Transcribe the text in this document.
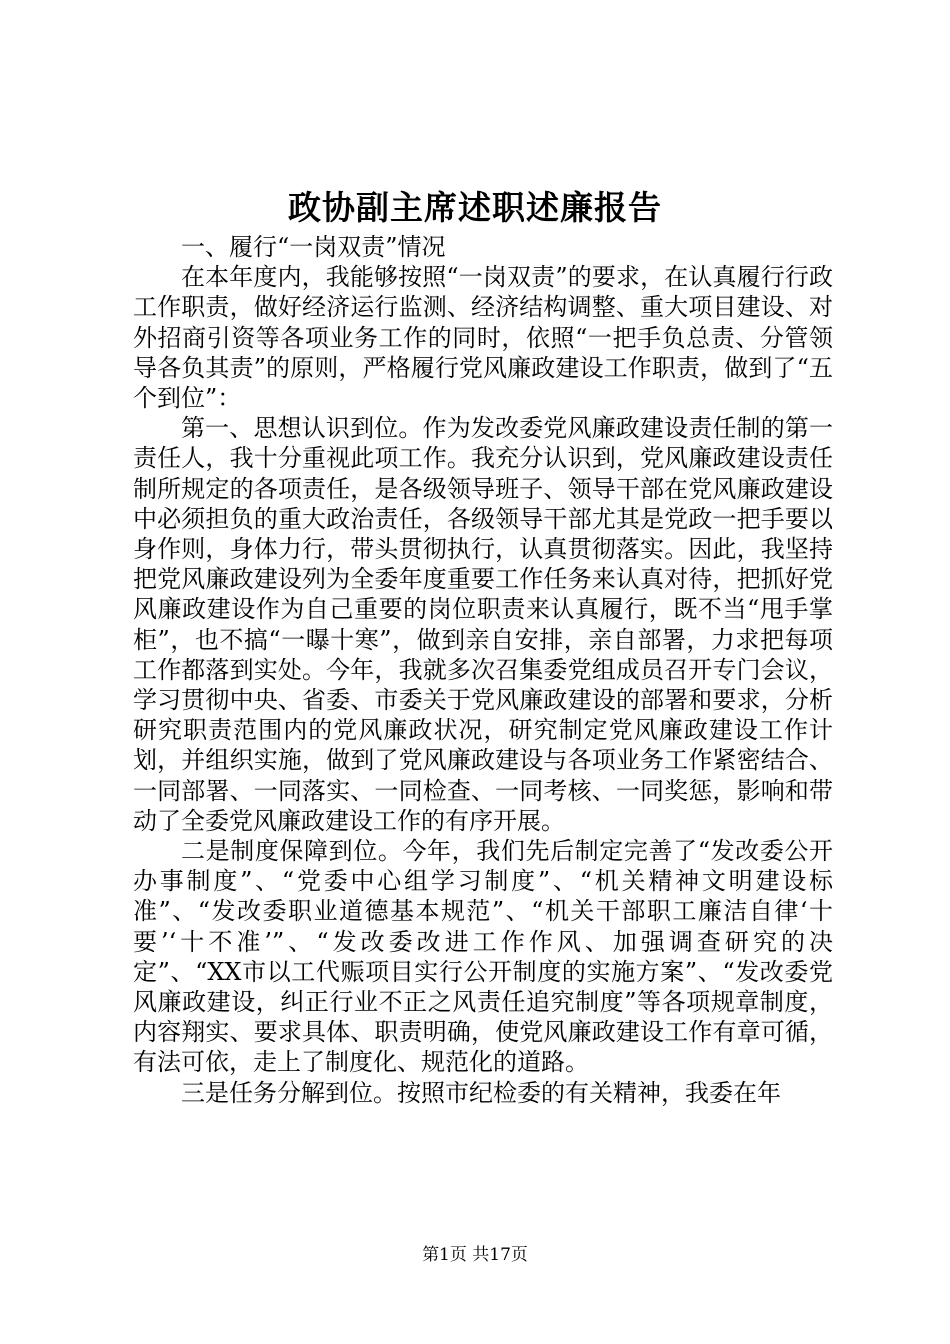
政协副主席述职述廉报告

一、履行“一岗双责”情况

在本年度内，我能够按照“一岗双责”的要求，在认真履行行政工作职责，做好经济运行监测、经济结构调整、重大项目建设、对外招商引资等各项业务工作的同时，依照“一把手负总责、分管领导各负其责”的原则，严格履行党风廉政建设工作职责，做到了“五个到位”：

第一、思想认识到位。作为发改委党风廉政建设责任制的第一责任人，我十分重视此项工作。我充分认识到，党风廉政建设责任制所规定的各项责任，是各级领导班子、领导干部在党风廉政建设中必须担负的重大政治责任，各级领导干部尤其是党政一把手要以身作则，身体力行，带头贯彻执行，认真贯彻落实。因此，我坚持把党风廉政建设列为全委年度重要工作任务来认真对待，把抓好党风廉政建设作为自己重要的岗位职责来认真履行，既不当“甩手掌柜”，也不搞“一曝十寒”，做到亲自安排，亲自部署，力求把每项工作都落到实处。今年，我就多次召集委党组成员召开专门会议，学习贯彻中央、省委、市委关于党风廉政建设的部署和要求，分析研究职责范围内的党风廉政状况，研究制定党风廉政建设工作计划，并组织实施，做到了党风廉政建设与各项业务工作紧密结合、一同部署、一同落实、一同检查、一同考核、一同奖惩，影响和带动了全委党风廉政建设工作的有序开展。

二是制度保障到位。今年，我们先后制定完善了“发改委公开办事制度”、“党委中心组学习制度”、“机关精神文明建设标准”、“发改委职业道德基本规范”、“机关干部职工廉洁自律‘十要’‘十不准’”、“发改委改进工作作风、加强调查研究的决定”、“XX市以工代赈项目实行公开制度的实施方案”、“发改委党风廉政建设，纠正行业不正之风责任追究制度”等各项规章制度，内容翔实、要求具体、职责明确，使党风廉政建设工作有章可循，有法可依，走上了制度化、规范化的道路。

三是任务分解到位。按照市纪检委的有关精神，我委在年

第1页 共17页
